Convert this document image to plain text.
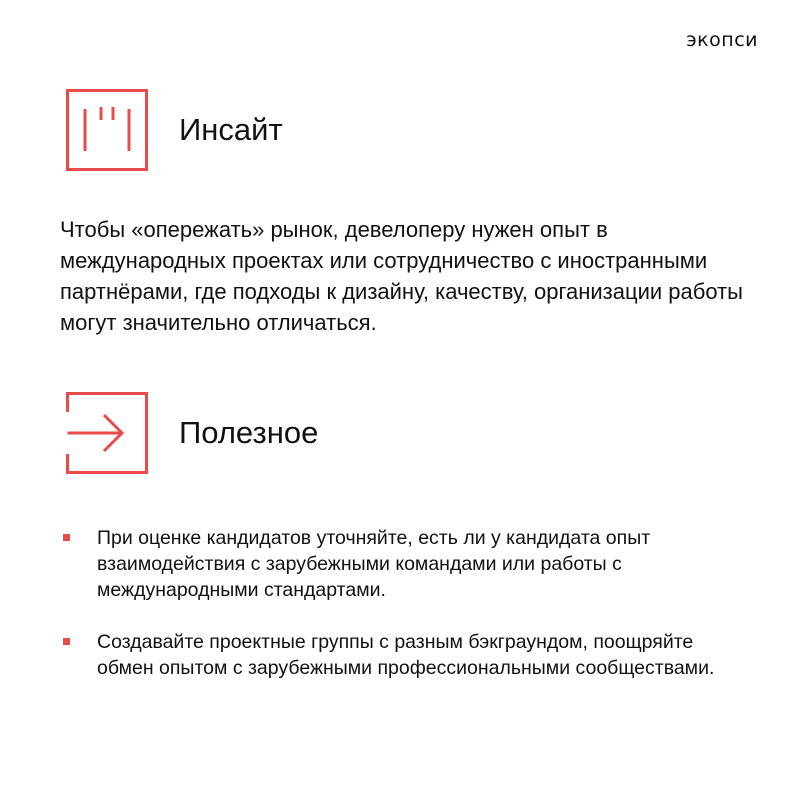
экопси
Инсайт
Чтобы «опережать» рынок, девелоперу нужен опыт в международных проектах или сотрудничество с иностранными партнёрами, где подходы к дизайну, качеству, организации работы могут значительно отличаться.
Полезное
При оценке кандидатов уточняйте, есть ли у кандидата опыт взаимодействия с зарубежными командами или работы с международными стандартами.
Создавайте проектные группы с разным бэкграундом, поощряйте обмен опытом с зарубежными профессиональными сообществами.
